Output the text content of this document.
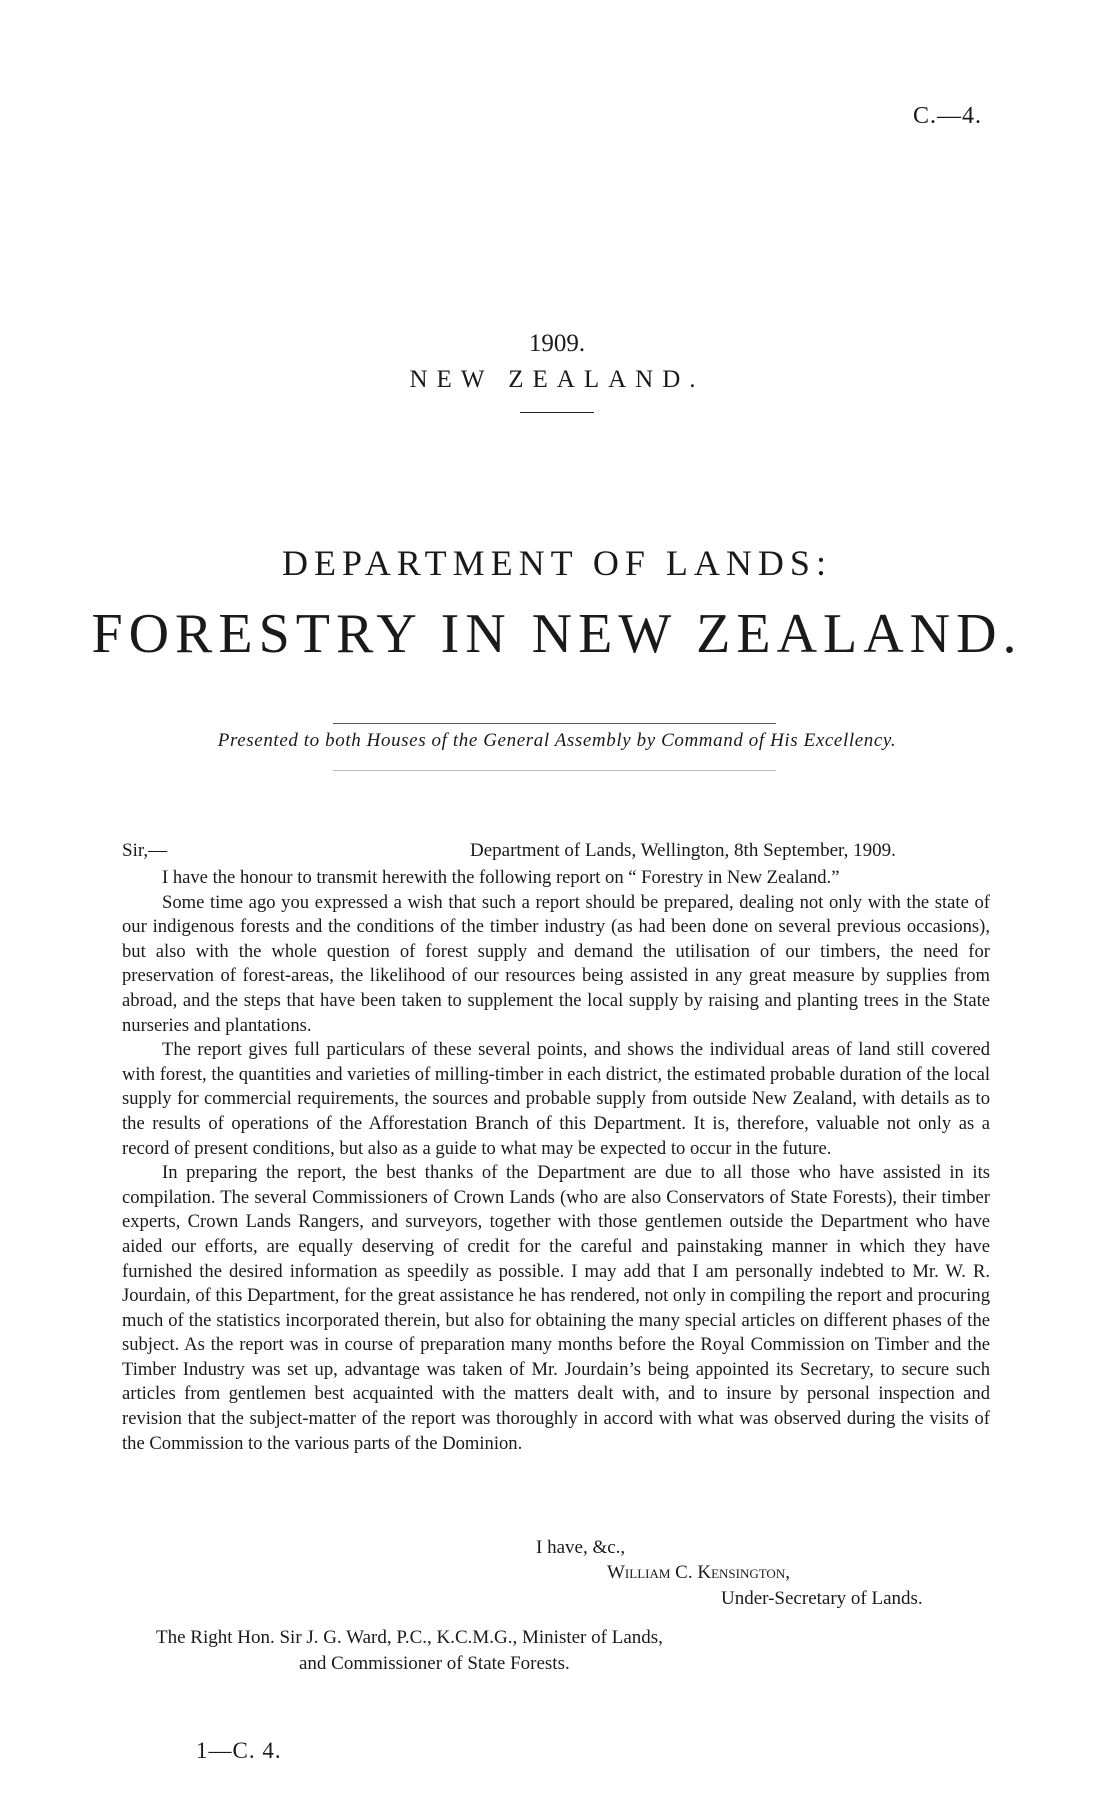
C.—4.
1909.
NEW ZEALAND.
DEPARTMENT OF LANDS:
FORESTRY IN NEW ZEALAND.
Presented to both Houses of the General Assembly by Command of His Excellency.
Sir,—	Department of Lands, Wellington, 8th September, 1909.

I have the honour to transmit herewith the following report on “ Forestry in New Zealand.”

Some time ago you expressed a wish that such a report should be prepared, dealing not only with the state of our indigenous forests and the conditions of the timber industry (as had been done on several previous occasions), but also with the whole question of forest supply and demand the utilisation of our timbers, the need for preservation of forest-areas, the likelihood of our resources being assisted in any great measure by supplies from abroad, and the steps that have been taken to supplement the local supply by raising and planting trees in the State nurseries and plantations.

The report gives full particulars of these several points, and shows the individual areas of land still covered with forest, the quantities and varieties of milling-timber in each district, the estimated probable duration of the local supply for commercial requirements, the sources and probable supply from outside New Zealand, with details as to the results of operations of the Afforestation Branch of this Department. It is, therefore, valuable not only as a record of present conditions, but also as a guide to what may be expected to occur in the future.

In preparing the report, the best thanks of the Department are due to all those who have assisted in its compilation. The several Commissioners of Crown Lands (who are also Conservators of State Forests), their timber experts, Crown Lands Rangers, and surveyors, together with those gentlemen outside the Department who have aided our efforts, are equally deserving of credit for the careful and painstaking manner in which they have furnished the desired information as speedily as possible. I may add that I am personally indebted to Mr. W. R. Jourdain, of this Department, for the great assistance he has rendered, not only in compiling the report and procuring much of the statistics incorporated therein, but also for obtaining the many special articles on different phases of the subject. As the report was in course of preparation many months before the Royal Commission on Timber and the Timber Industry was set up, advantage was taken of Mr. Jourdain’s being appointed its Secretary, to secure such articles from gentlemen best acquainted with the matters dealt with, and to insure by personal inspection and revision that the subject-matter of the report was thoroughly in accord with what was observed during the visits of the Commission to the various parts of the Dominion.

I have, &c.,
William C. Kensington,
Under-Secretary of Lands.
The Right Hon. Sir J. G. Ward, P.C., K.C.M.G., Minister of Lands,
and Commissioner of State Forests.
1—C. 4.
